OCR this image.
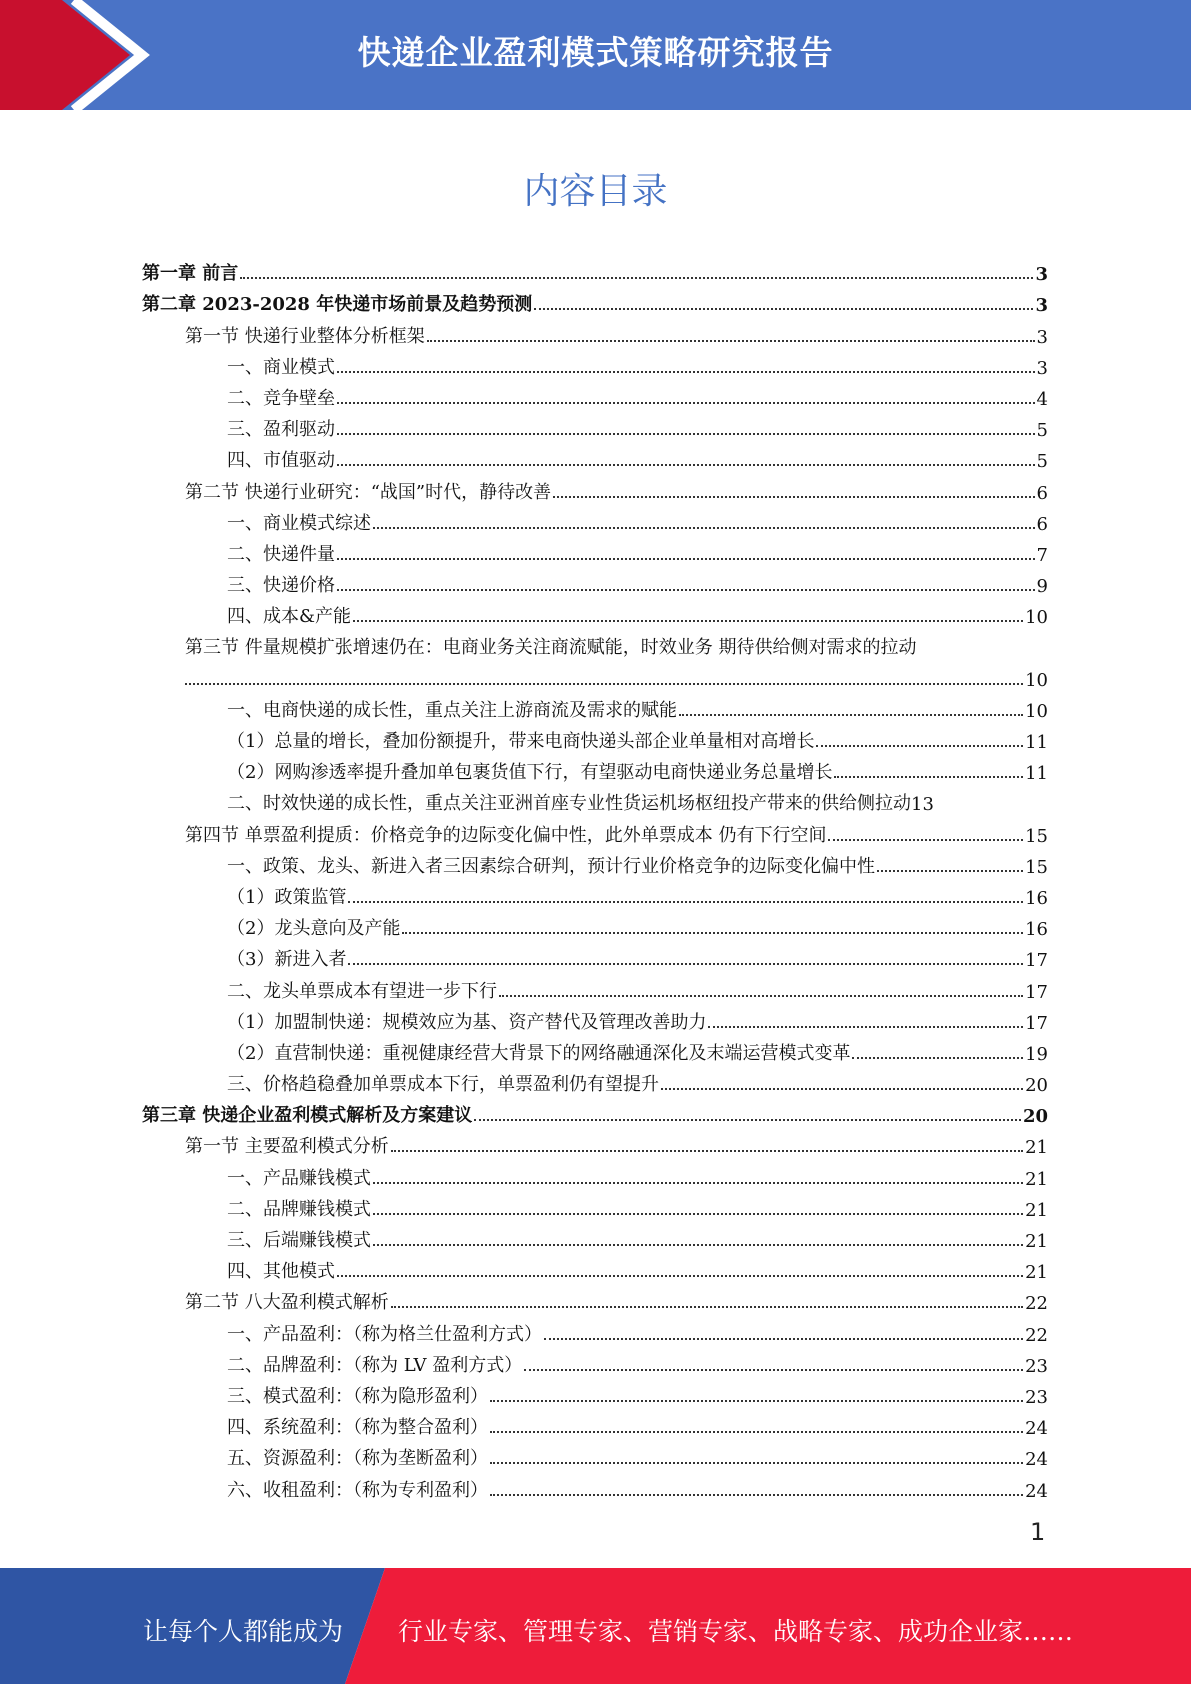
快递企业盈利模式策略研究报告
内容目录
第一章 前言	3
第二章 2023-2028 年快递市场前景及趋势预测	3
第一节 快递行业整体分析框架	3
一、商业模式	3
二、竞争壁垒	4
三、盈利驱动	5
四、市值驱动	5
第二节 快递行业研究：“战国”时代，静待改善	6
一、商业模式综述	6
二、快递件量	7
三、快递价格	9
四、成本&产能	10
第三节 件量规模扩张增速仍在：电商业务关注商流赋能，时效业务 期待供给侧对需求的拉动
10
一、电商快递的成长性，重点关注上游商流及需求的赋能	10
（1）总量的增长，叠加份额提升，带来电商快递头部企业单量相对高增长	11
（2）网购渗透率提升叠加单包裹货值下行，有望驱动电商快递业务总量增长	11
二、时效快递的成长性，重点关注亚洲首座专业性货运机场枢纽投产带来的供给侧拉动 13
第四节 单票盈利提质：价格竞争的边际变化偏中性，此外单票成本 仍有下行空间	15
一、政策、龙头、新进入者三因素综合研判，预计行业价格竞争的边际变化偏中性	15
（1）政策监管	16
（2）龙头意向及产能	16
（3）新进入者	17
二、龙头单票成本有望进一步下行	17
（1）加盟制快递：规模效应为基、资产替代及管理改善助力	17
（2）直营制快递：重视健康经营大背景下的网络融通深化及末端运营模式变革	19
三、价格趋稳叠加单票成本下行，单票盈利仍有望提升	20
第三章 快递企业盈利模式解析及方案建议	20
第一节 主要盈利模式分析	21
一、产品赚钱模式	21
二、品牌赚钱模式	21
三、后端赚钱模式	21
四、其他模式	21
第二节 八大盈利模式解析	22
一、产品盈利：（称为格兰仕盈利方式）	22
二、品牌盈利：（称为 LV 盈利方式）	23
三、模式盈利：（称为隐形盈利）	23
四、系统盈利：（称为整合盈利）	24
五、资源盈利：（称为垄断盈利）	24
六、收租盈利：（称为专利盈利）	24
1
让每个人都能成为 行业专家、管理专家、营销专家、战略专家、成功企业家……
